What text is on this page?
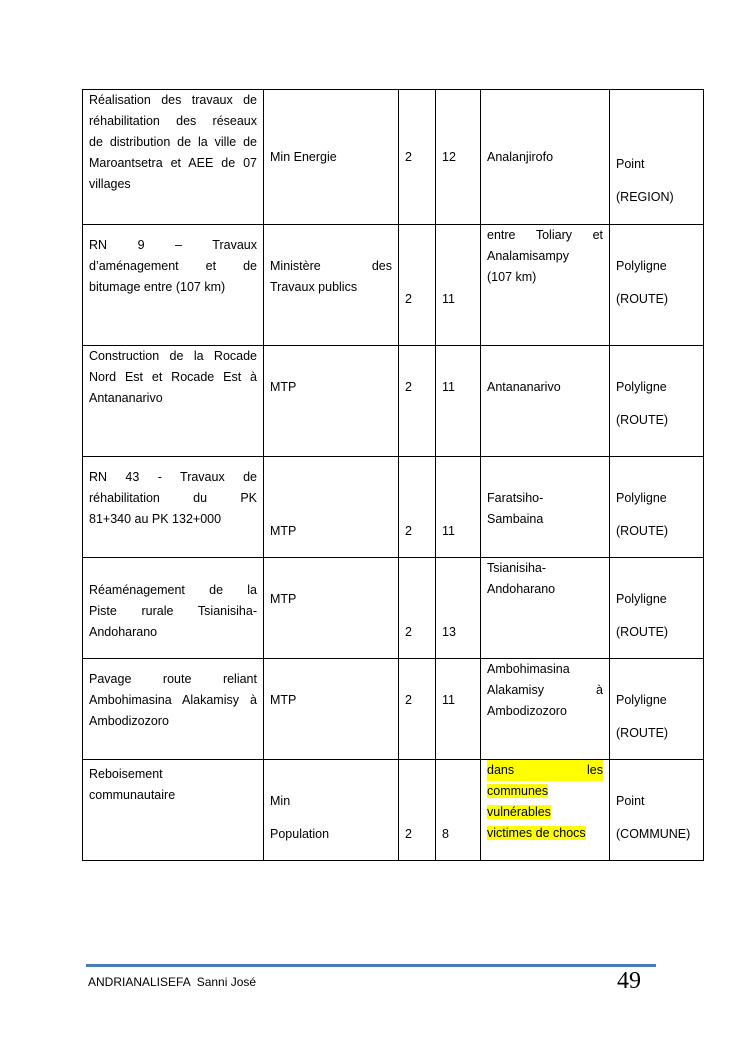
Réalisation des travaux de
réhabilitation des réseaux
de distribution de la ville de
Maroantsetra et AEE de 07
villages	Min Energie	2	12	Analanjirofo	Point
(REGION)

RN 9 – Travaux
d’aménagement et de
bitumage entre (107 km)	Ministère des
Travaux publics	2	11	entre Toliary et
Analamisampy
(107 km)	Polyligne
(ROUTE)

Construction de la Rocade
Nord Est et Rocade Est à
Antananarivo	MTP	2	11	Antananarivo	Polyligne
(ROUTE)

RN 43 - Travaux de
réhabilitation du PK
81+340 au PK 132+000	MTP	2	11	Faratsiho-
Sambaina	Polyligne
(ROUTE)

Réaménagement de la
Piste rurale Tsianisiha-
Andoharano	MTP	2	13	Tsianisiha-
Andoharano	Polyligne
(ROUTE)

Pavage route reliant
Ambohimasina Alakamisy à
Ambodizozoro	MTP	2	11	Ambohimasina
Alakamisy à
Ambodizozoro	Polyligne
(ROUTE)

Reboisement
communautaire	Min
Population	2	8	dans les
communes
vulnérables
victimes de chocs	Point
(COMMUNE)
ANDRIANALISEFA  Sanni José	49
